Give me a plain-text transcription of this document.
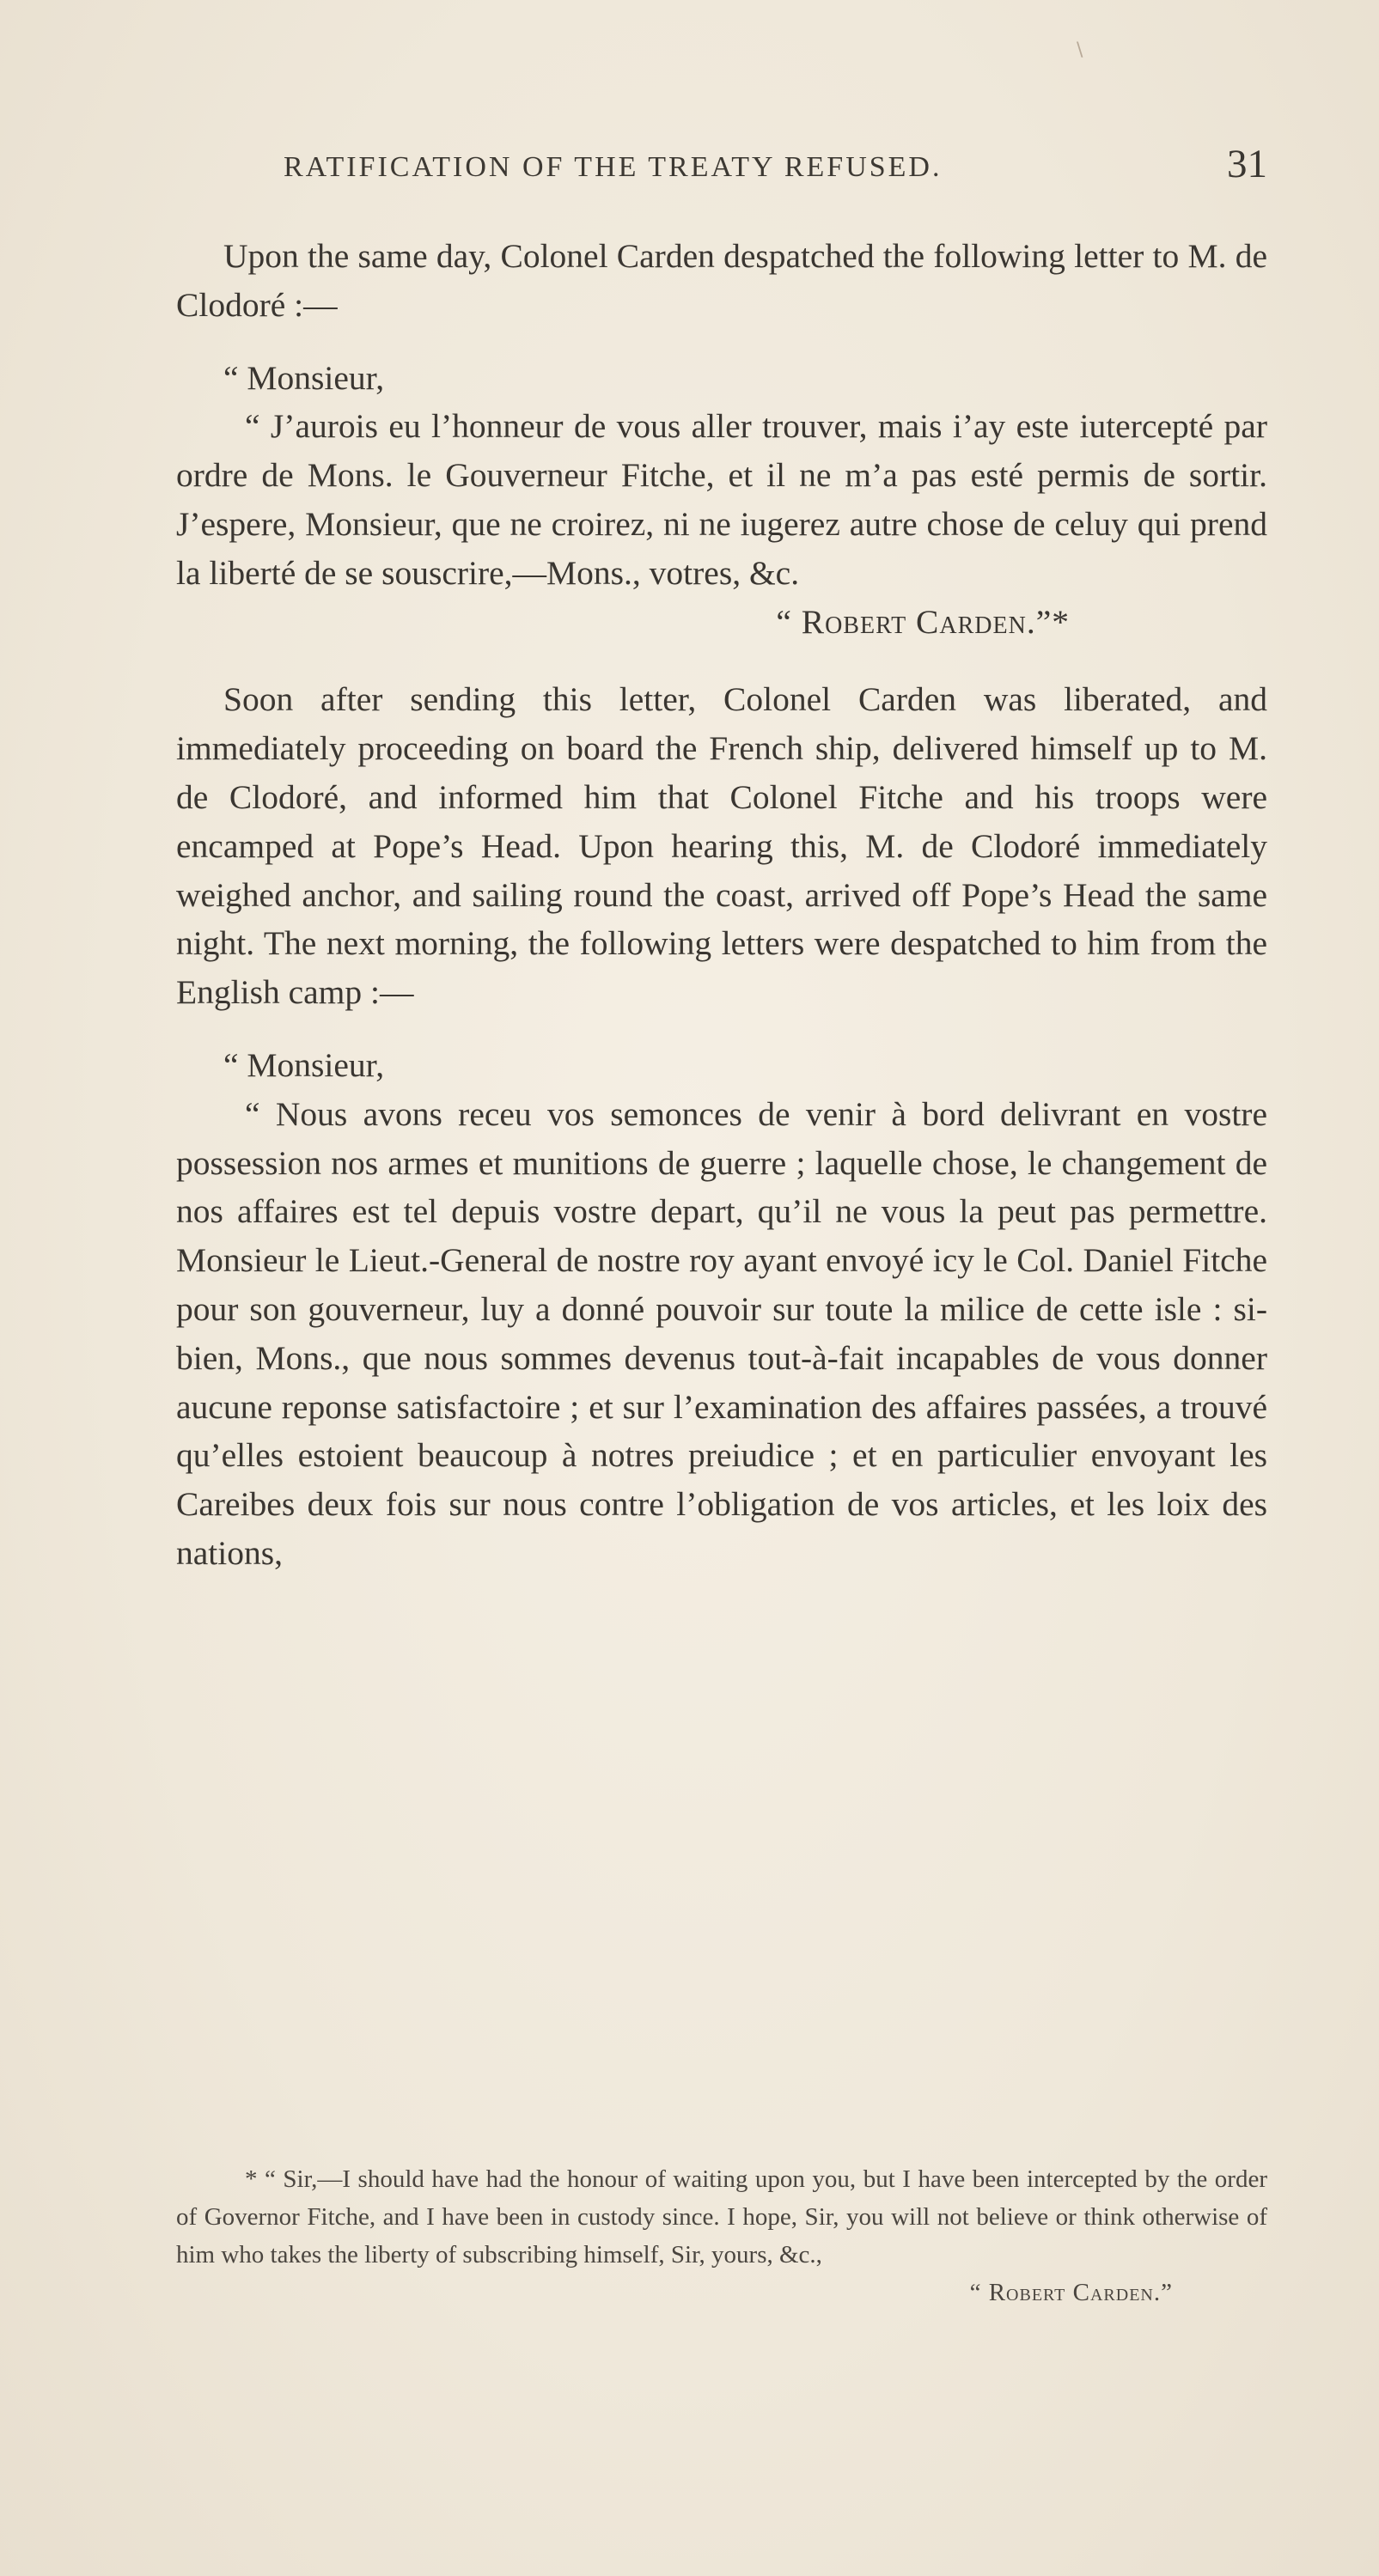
RATIFICATION OF THE TREATY REFUSED.	31
\

Upon the same day, Colonel Carden despatched the following letter to M. de Clodoré :—

“ Monsieur,

“ J’aurois eu l’honneur de vous aller trouver, mais i’ay este iutercepté par ordre de Mons. le Gouverneur Fitche, et il ne m’a pas esté permis de sortir. J’espere, Monsieur, que ne croirez, ni ne iugerez autre chose de celuy qui prend la liberté de se souscrire,—Mons., votres, &c.

“ Robert Carden.”*

Soon after sending this letter, Colonel Carden was liberated, and immediately proceeding on board the French ship, delivered himself up to M. de Clodoré, and informed him that Colonel Fitche and his troops were encamped at Pope’s Head. Upon hearing this, M. de Clodoré immediately weighed anchor, and sailing round the coast, arrived off Pope’s Head the same night. The next morning, the following letters were despatched to him from the English camp :—

“ Monsieur,

“ Nous avons receu vos semonces de venir à bord delivrant en vostre possession nos armes et munitions de guerre ; laquelle chose, le changement de nos affaires est tel depuis vostre depart, qu’il ne vous la peut pas permettre. Monsieur le Lieut.-General de nostre roy ayant envoyé icy le Col. Daniel Fitche pour son gouverneur, luy a donné pouvoir sur toute la milice de cette isle : si-bien, Mons., que nous sommes devenus tout-à-fait incapables de vous donner aucune reponse satisfactoire ; et sur l’examination des affaires passées, a trouvé qu’elles estoient beaucoup à notres preiudice ; et en particulier envoyant les Careibes deux fois sur nous contre l’obligation de vos articles, et les loix des nations,

* “ Sir,—I should have had the honour of waiting upon you, but I have been intercepted by the order of Governor Fitche, and I have been in custody since. I hope, Sir, you will not believe or think otherwise of him who takes the liberty of subscribing himself, Sir, yours, &c.,

“ Robert Carden.”
